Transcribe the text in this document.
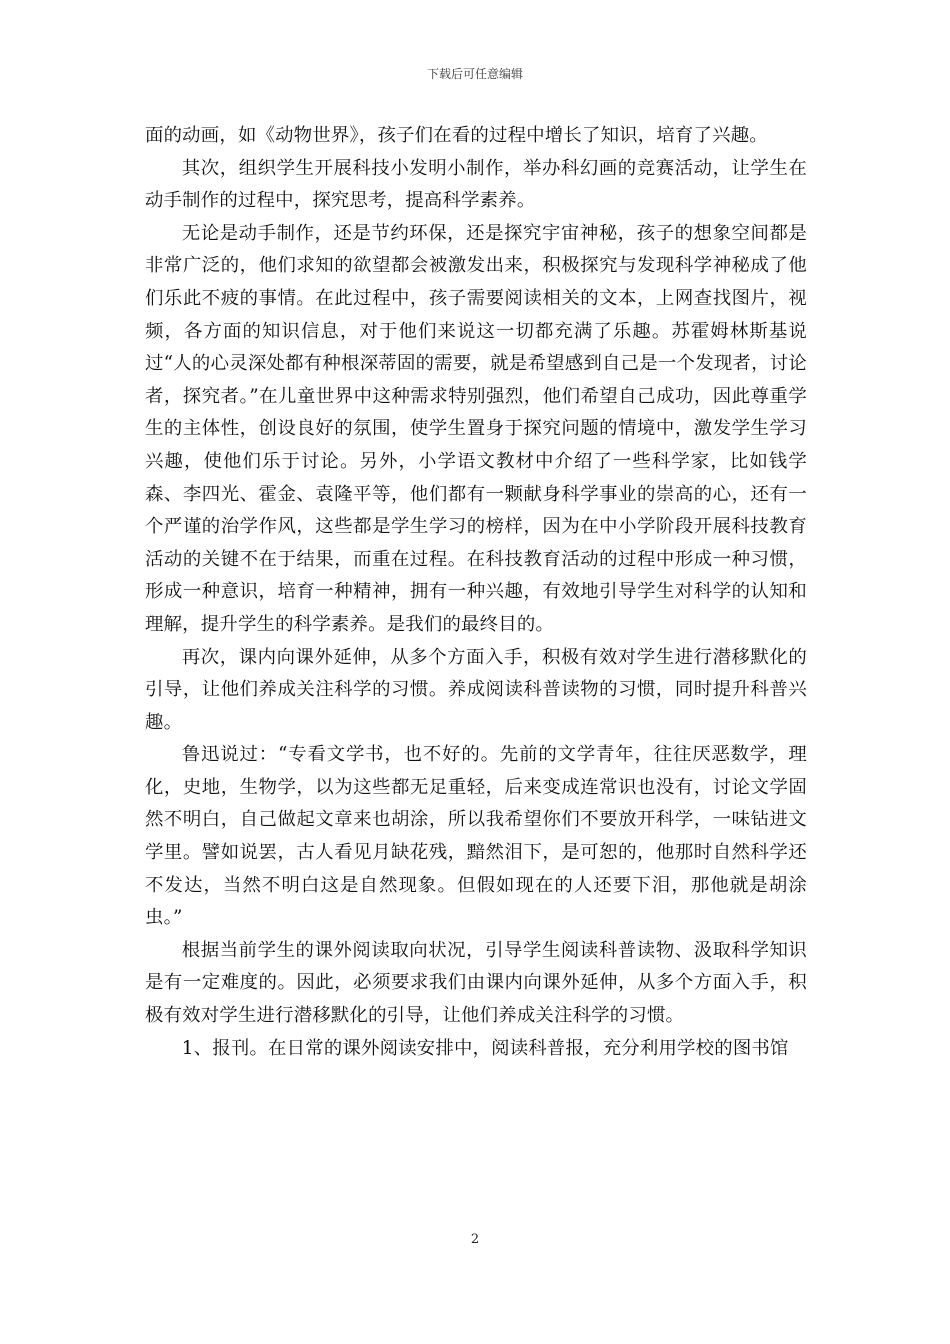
下载后可任意编辑

面的动画，如《动物世界》，孩子们在看的过程中增长了知识，培育了兴趣。

其次，组织学生开展科技小发明小制作，举办科幻画的竞赛活动，让学生在动手制作的过程中，探究思考，提高科学素养。

无论是动手制作，还是节约环保，还是探究宇宙神秘，孩子的想象空间都是非常广泛的，他们求知的欲望都会被激发出来，积极探究与发现科学神秘成了他们乐此不疲的事情。在此过程中，孩子需要阅读相关的文本，上网查找图片，视频，各方面的知识信息，对于他们来说这一切都充满了乐趣。苏霍姆林斯基说过“人的心灵深处都有种根深蒂固的需要，就是希望感到自己是一个发现者，讨论者，探究者。”在儿童世界中这种需求特别强烈，他们希望自己成功，因此尊重学生的主体性，创设良好的氛围，使学生置身于探究问题的情境中，激发学生学习兴趣，使他们乐于讨论。另外，小学语文教材中介绍了一些科学家，比如钱学森、李四光、霍金、袁隆平等，他们都有一颗献身科学事业的崇高的心，还有一个严谨的治学作风，这些都是学生学习的榜样，因为在中小学阶段开展科技教育活动的关键不在于结果，而重在过程。在科技教育活动的过程中形成一种习惯，形成一种意识，培育一种精神，拥有一种兴趣，有效地引导学生对科学的认知和理解，提升学生的科学素养。是我们的最终目的。

再次，课内向课外延伸，从多个方面入手，积极有效对学生进行潜移默化的引导，让他们养成关注科学的习惯。养成阅读科普读物的习惯，同时提升科普兴趣。

鲁迅说过：“专看文学书，也不好的。先前的文学青年，往往厌恶数学，理化，史地，生物学，以为这些都无足重轻，后来变成连常识也没有，讨论文学固然不明白，自己做起文章来也胡涂，所以我希望你们不要放开科学，一味钻进文学里。譬如说罢，古人看见月缺花残，黯然泪下，是可恕的，他那时自然科学还不发达，当然不明白这是自然现象。但假如现在的人还要下泪，那他就是胡涂虫。”

根据当前学生的课外阅读取向状况，引导学生阅读科普读物、汲取科学知识是有一定难度的。因此，必须要求我们由课内向课外延伸，从多个方面入手，积极有效对学生进行潜移默化的引导，让他们养成关注科学的习惯。

1、报刊。在日常的课外阅读安排中，阅读科普报，充分利用学校的图书馆

2
